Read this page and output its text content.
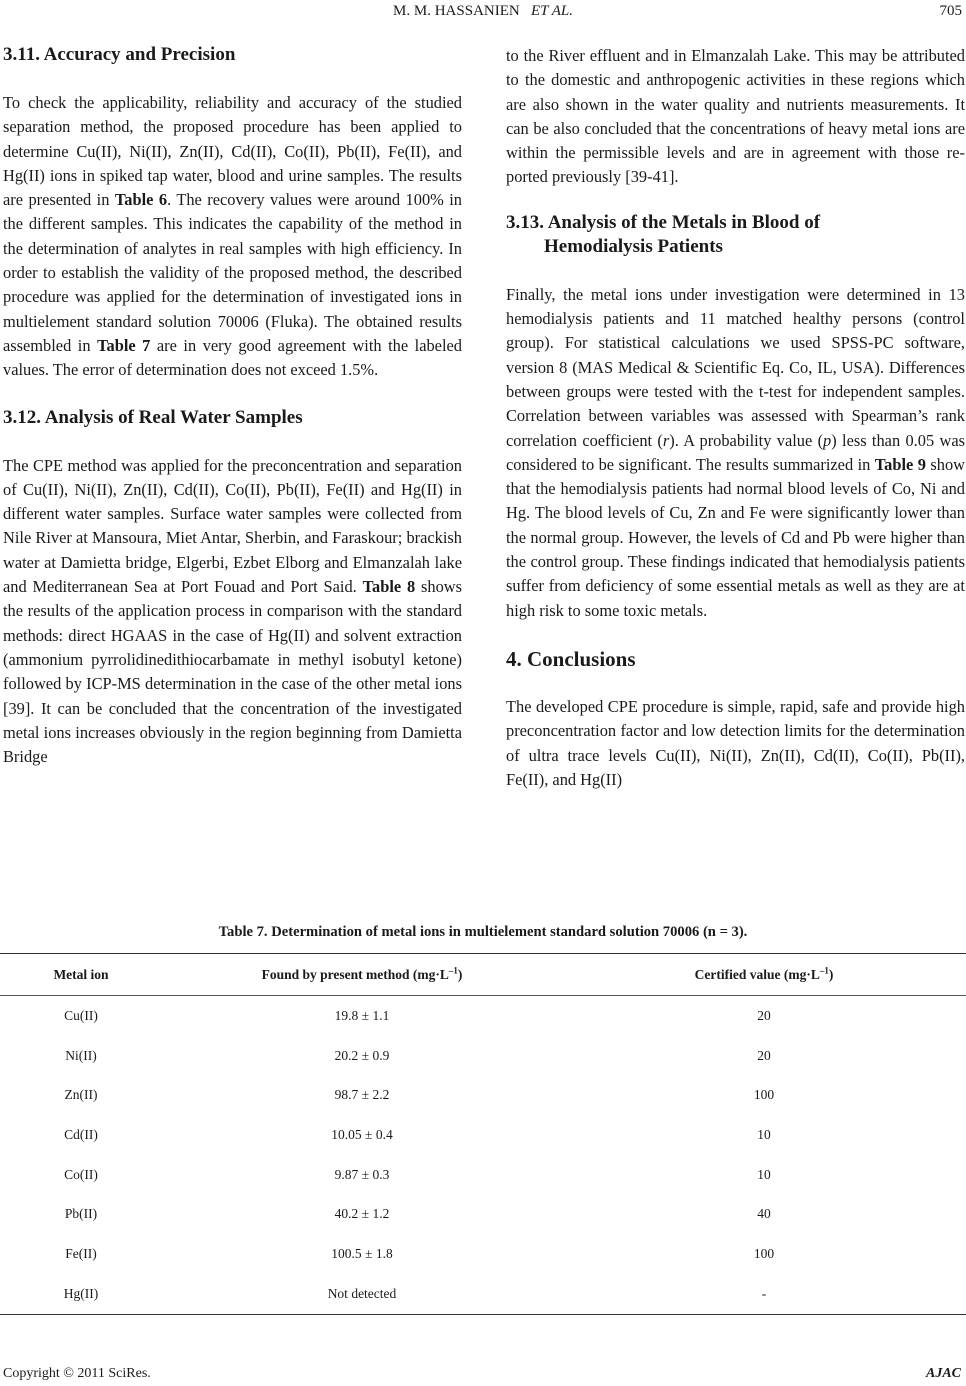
M. M. HASSANIEN ET AL.	705
3.11. Accuracy and Precision

To check the applicability, reliability and accuracy of the studied separation method, the proposed procedure has been applied to determine Cu(II), Ni(II), Zn(II), Cd(II), Co(II), Pb(II), Fe(II), and Hg(II) ions in spiked tap water, blood and urine samples. The results are presented in Table 6. The recovery values were around 100% in the different samples. This indicates the capability of the method in the determination of analytes in real samples with high efficiency. In order to establish the validity of the proposed method, the described procedure was applied for the determination of investigated ions in multielement standard solution 70006 (Fluka). The obtained results assembled in Table 7 are in very good agreement with the labeled values. The error of determination does not exceed 1.5%.

3.12. Analysis of Real Water Samples

The CPE method was applied for the preconcentration and separation of Cu(II), Ni(II), Zn(II), Cd(II), Co(II), Pb(II), Fe(II) and Hg(II) in different water samples. Surface water samples were collected from Nile River at Mansoura, Miet Antar, Sherbin, and Faraskour; brackish water at Damietta bridge, Elgerbi, Ezbet Elborg and Elmanzalah lake and Mediterranean Sea at Port Fouad and Port Said. Table 8 shows the results of the application process in comparison with the standard methods: direct HGAAS in the case of Hg(II) and solvent extraction (ammonium pyrrolidinedithiocarbamate in methyl isobutyl ketone) followed by ICP-MS determination in the case of the other metal ions [39]. It can be concluded that the concentration of the investigated metal ions increases obviously in the region beginning from Damietta Bridge

to the River effluent and in Elmanzalah Lake. This may be attributed to the domestic and anthropogenic activities in these regions which are also shown in the water quality and nutrients measurements. It can be also concluded that the concentrations of heavy metal ions are within the permissible levels and are in agreement with those reported previously [39-41].

3.13. Analysis of the Metals in Blood of
Hemodialysis Patients

Finally, the metal ions under investigation were determined in 13 hemodialysis patients and 11 matched healthy persons (control group). For statistical calculations we used SPSS-PC software, version 8 (MAS Medical & Scientific Eq. Co, IL, USA). Differences between groups were tested with the t-test for independent samples. Correlation between variables was assessed with Spearman’s rank correlation coefficient (r). A probability value (p) less than 0.05 was considered to be significant. The results summarized in Table 9 show that the hemodialysis patients had normal blood levels of Co, Ni and Hg. The blood levels of Cu, Zn and Fe were significantly lower than the normal group. However, the levels of Cd and Pb were higher than the control group. These findings indicated that hemodialysis patients suffer from deficiency of some essential metals as well as they are at high risk to some toxic metals.

4. Conclusions

The developed CPE procedure is simple, rapid, safe and provide high preconcentration factor and low detection limits for the determination of ultra trace levels Cu(II), Ni(II), Zn(II), Cd(II), Co(II), Pb(II), Fe(II), and Hg(II)

Table 7. Determination of metal ions in multielement standard solution 70006 (n = 3).
Metal ion	Found by present method $(mg\cdot L^{-1})$	Certified value $(mg\cdot L^{-1})$
Cu(II)	19.8 ± 1.1	20
Ni(II)	20.2 ± 0.9	20
Zn(II)	98.7 ± 2.2	100
Cd(II)	10.05 ± 0.4	10
Co(II)	9.87 ± 0.3	10
Pb(II)	40.2 ± 1.2	40
Fe(II)	100.5 ± 1.8	100
Hg(II)	Not detected	-
Copyright © 2011 SciRes.	AJAC
